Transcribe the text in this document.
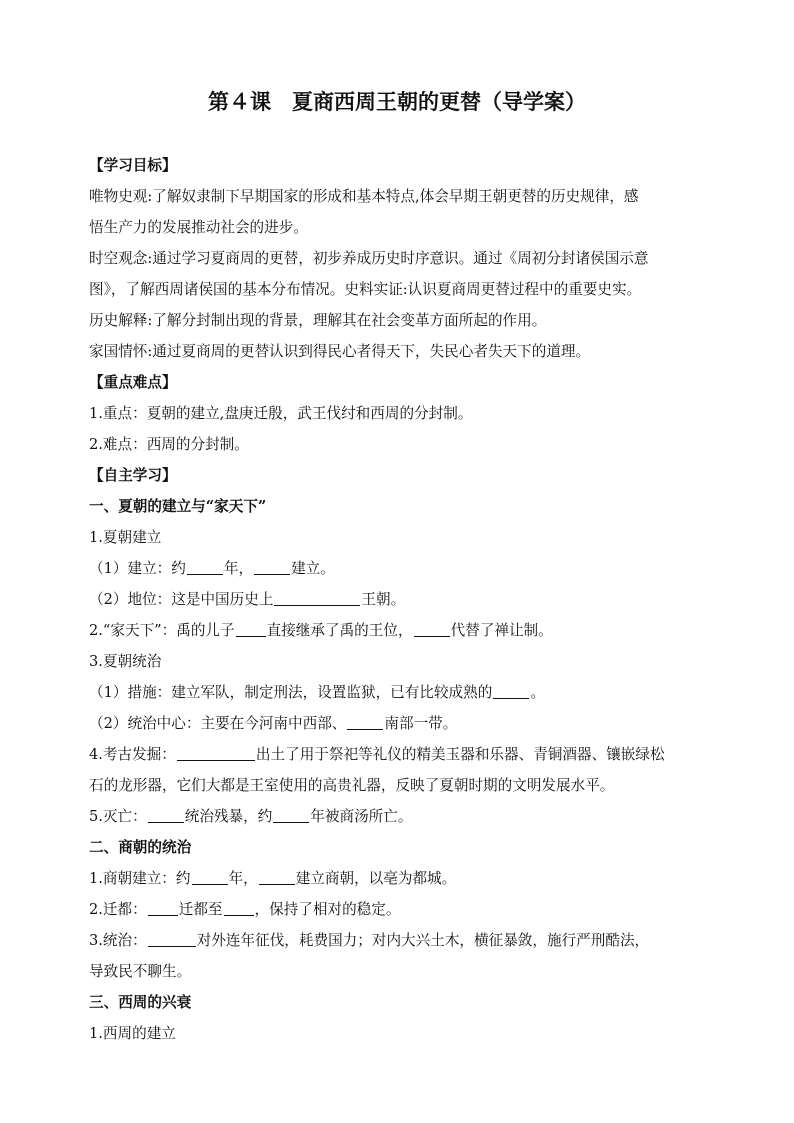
第４课　夏商西周王朝的更替（导学案）
【学习目标】
唯物史观:了解奴隶制下早期国家的形成和基本特点,体会早期王朝更替的历史规律，感
悟生产力的发展推动社会的进步。
时空观念:通过学习夏商周的更替，初步养成历史时序意识。通过《周初分封诸侯国示意
图》，了解西周诸侯国的基本分布情况。史料实证:认识夏商周更替过程中的重要史实。
历史解释:了解分封制出现的背景，理解其在社会变革方面所起的作用。
家国情怀:通过夏商周的更替认识到得民心者得天下，失民心者失天下的道理。
【重点难点】
1.重点：夏朝的建立,盘庚迁殷，武王伐纣和西周的分封制。
2.难点：西周的分封制。
【自主学习】
一、夏朝的建立与“家天下”
1.夏朝建立
（1）建立：约	年，	建立。
（2）地位：这是中国历史上	王朝。
2.“家天下”：禹的儿子 直接继承了禹的王位，	代替了禅让制。
3.夏朝统治
（1）措施：建立军队，制定刑法，设置监狱，已有比较成熟的	。
（2）统治中心：主要在今河南中西部、	南部一带。
4.考古发掘：	出土了用于祭祀等礼仪的精美玉器和乐器、青铜酒器、镶嵌绿松
石的龙形器，它们大都是王室使用的高贵礼器，反映了夏朝时期的文明发展水平。
5.灭亡：	统治残暴，约	年被商汤所亡。
二、商朝的统治
1.商朝建立：约	年，	建立商朝，以亳为都城。
2.迁都： 迁都至 ，保持了相对的稳定。
3.统治：	对外连年征伐，耗费国力；对内大兴土木，横征暴敛，施行严刑酷法，
导致民不聊生。
三、西周的兴衰
1.西周的建立
